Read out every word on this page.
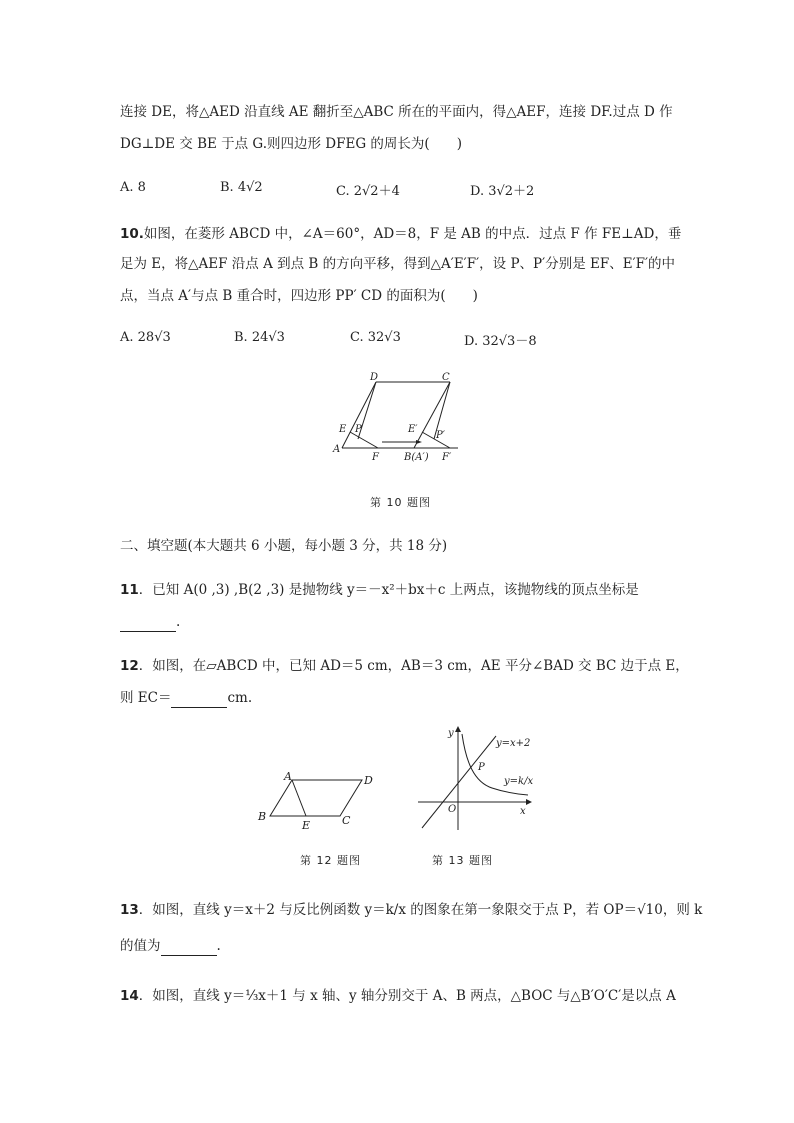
连接 DE，将△AED 沿直线 AE 翻折至△ABC 所在的平面内，得△AEF，连接 DF.过点 D 作
DG⊥DE 交 BE 于点 G.则四边形 DFEG 的周长为(　　)
A. 8	B. 4√2	C. 2√2＋4	D. 3√2＋2
10.如图，在菱形 ABCD 中，∠A＝60°，AD＝8，F 是 AB 的中点．过点 F 作 FE⊥AD，垂
足为 E，将△AEF 沿点 A 到点 B 的方向平移，得到△A′E′F′，设 P、P′分别是 EF、E′F′的中
点，当点 A′与点 B 重合时，四边形 PP′ CD 的面积为(　　)
A. 28√3	B. 24√3	C. 32√3	D. 32√3－8
D	C
E P	E′
P′
A
F	B(A′) F′
第 10 题图
二、填空题(本大题共 6 小题，每小题 3 分，共 18 分)
11．已知 A(0 ,3) ,B(2 ,3) 是抛物线 y＝－x²＋bx＋c 上两点，该抛物线的顶点坐标是
.
12．如图，在▱ABCD 中，已知 AD＝5 cm，AB＝3 cm，AE 平分∠BAD 交 BC 边于点 E，
则 EC＝	cm.
A	D
B
E	C
第 12 题图
y
y=x+2
P
y=k/x
O	x
第 13 题图
13．如图，直线 y＝x＋2 与反比例函数 y＝k/x 的图象在第一象限交于点 P，若 OP＝√10，则 k
的值为	.
14．如图，直线 y＝⅓x＋1 与 x 轴、y 轴分别交于 A、B 两点，△BOC 与△B′O′C′是以点 A
